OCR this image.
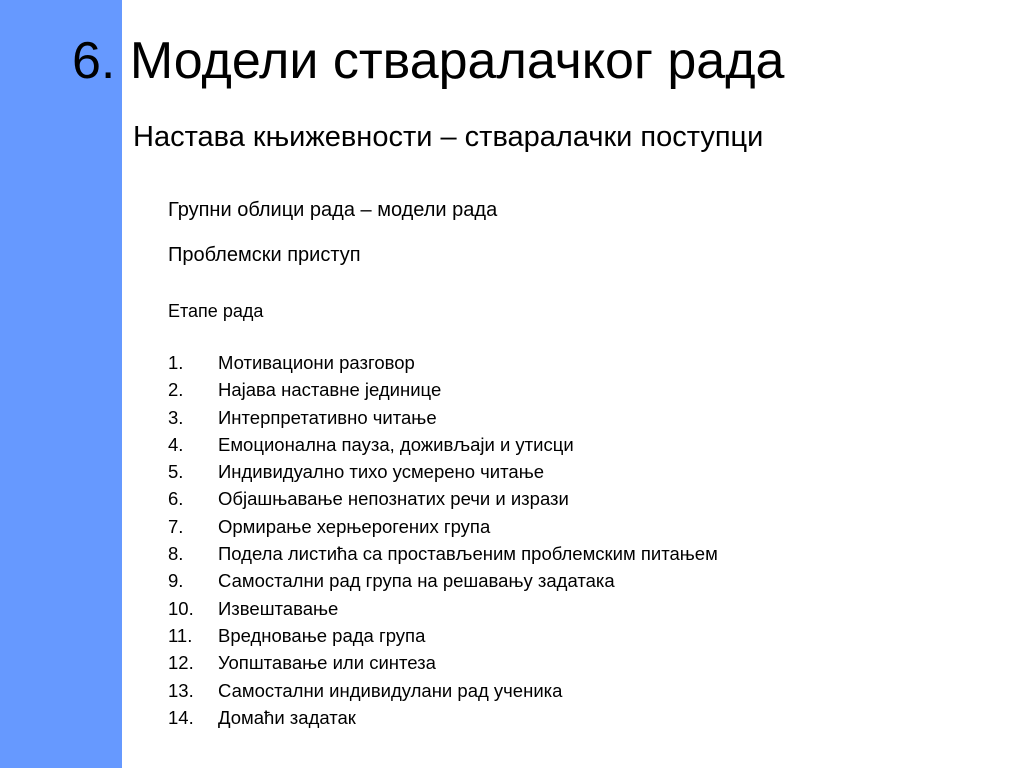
6. Модели стваралачког рада
Настава књижевности – стваралачки поступци
Групни облици рада – модели рада
Проблемски приступ
Етапе рада
1. Мотивациони разговор
2. Најава наставне јединице
3. Интерпретативно читање
4. Емоционална пауза, доживљаји и утисци
5. Индивидуално тихо усмерено читање
6. Објашњавање непознатих речи и изрази
7. Ормирање херњерогених група
8. Подела листића са простављеним проблемским питањем
9. Самостални рад група на решавању задатака
10. Извештавање
11. Вредновање рада група
12. Уопштавање или синтеза
13. Самостални индивидулани рад ученика
14. Домаћи задатак
